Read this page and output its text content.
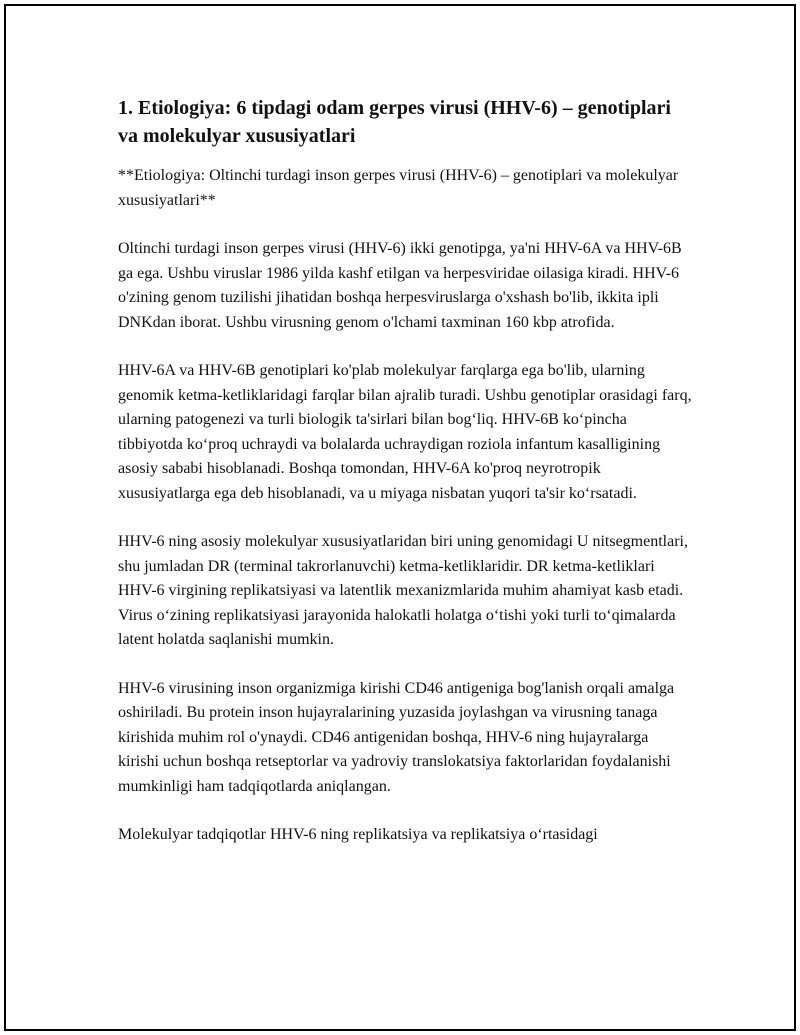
1. Etiologiya: 6 tipdagi odam gerpes virusi (HHV-6) – genotiplari va molekulyar xususiyatlari

**Etiologiya: Oltinchi turdagi inson gerpes virusi (HHV-6) – genotiplari va molekulyar xususiyatlari**

Oltinchi turdagi inson gerpes virusi (HHV-6) ikki genotipga, ya'ni HHV-6A va HHV-6B ga ega. Ushbu viruslar 1986 yilda kashf etilgan va herpesviridae oilasiga kiradi. HHV-6 o'zining genom tuzilishi jihatidan boshqa herpesviruslarga o'xshash bo'lib, ikkita ipli DNKdan iborat. Ushbu virusning genom o'lchami taxminan 160 kbp atrofida.

HHV-6A va HHV-6B genotiplari ko'plab molekulyar farqlarga ega bo'lib, ularning genomik ketma-ketliklaridagi farqlar bilan ajralib turadi. Ushbu genotiplar orasidagi farq, ularning patogenezi va turli biologik ta'sirlari bilan bog‘liq. HHV-6B ko‘pincha tibbiyotda ko‘proq uchraydi va bolalarda uchraydigan roziola infantum kasalligining asosiy sababi hisoblanadi. Boshqa tomondan, HHV-6A ko'proq neyrotropik xususiyatlarga ega deb hisoblanadi, va u miyaga nisbatan yuqori ta'sir ko‘rsatadi.

HHV-6 ning asosiy molekulyar xususiyatlaridan biri uning genomidagi U nitsegmentlari, shu jumladan DR (terminal takrorlanuvchi) ketma-ketliklaridir. DR ketma-ketliklari HHV-6 virgining replikatsiyasi va latentlik mexanizmlarida muhim ahamiyat kasb etadi. Virus o‘zining replikatsiyasi jarayonida halokatli holatga o‘tishi yoki turli to‘qimalarda latent holatda saqlanishi mumkin.

HHV-6 virusining inson organizmiga kirishi CD46 antigeniga bog'lanish orqali amalga oshiriladi. Bu protein inson hujayralarining yuzasida joylashgan va virusning tanaga kirishida muhim rol o'ynaydi. CD46 antigenidan boshqa, HHV-6 ning hujayralarga kirishi uchun boshqa retseptorlar va yadroviy translokatsiya faktorlaridan foydalanishi mumkinligi ham tadqiqotlarda aniqlangan.

Molekulyar tadqiqotlar HHV-6 ning replikatsiya va replikatsiya o‘rtasidagi
